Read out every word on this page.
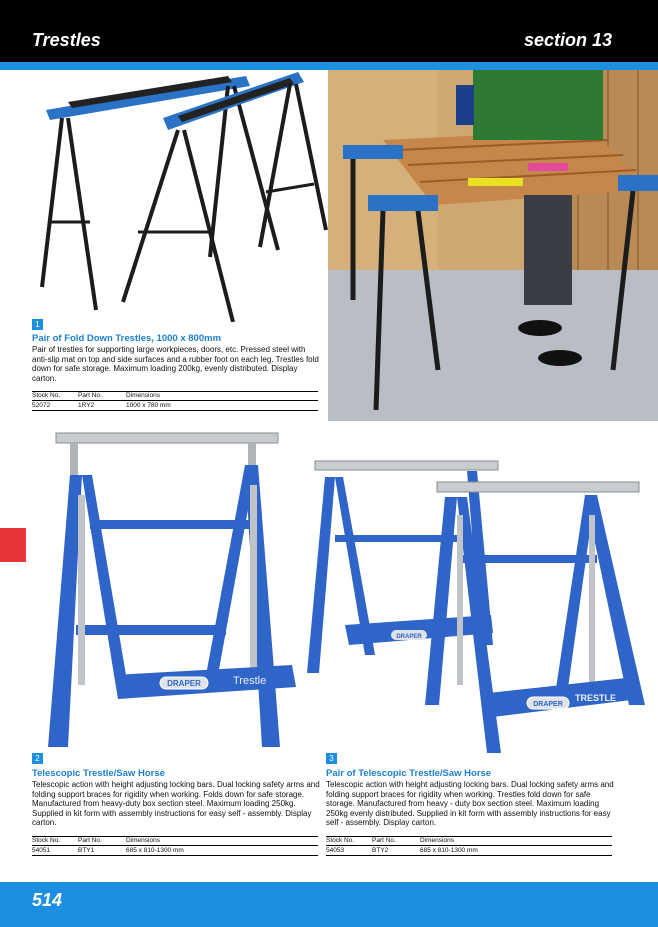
Trestles	section 13
1
Pair of Fold Down Trestles, 1000 x 800mm
Pair of trestles for supporting large workpieces, doors, etc. Pressed steel with anti-slip mat on top and side surfaces and a rubber foot on each leg. Trestles fold down for safe storage. Maximum loading 200kg, evenly distributed. Display carton.
Stock No.	Part No.	Dimensions
52072	1RY2	1000 x 780 mm
DRAPER	Trestle
DRAPER
DRAPER
TRESTLE
2
Telescopic Trestle/Saw Horse
Telescopic action with height adjusting locking bars. Dual locking safety arms and folding support braces for rigidity when working. Folds down for safe storage. Manufactured from heavy-duty box section steel. Maximum loading 250kg. Supplied in kit form with assembly instructions for easy self - assembly. Display carton.
Stock No.	Part No.	Dimensions
54051	BTY1	685 x 810-1300 mm
3
Pair of Telescopic Trestle/Saw Horse
Telescopic action with height adjusting locking bars. Dual locking safety arms and folding support braces for rigidity when working. Trestles fold down for safe storage. Manufactured from heavy - duty box section steel. Maximum loading 250kg evenly distributed. Supplied in kit form with assembly instructions for easy self - assembly. Display carton.
Stock No.	Part No.	Dimensions
54053	BTY2	685 x 810-1300 mm
514
